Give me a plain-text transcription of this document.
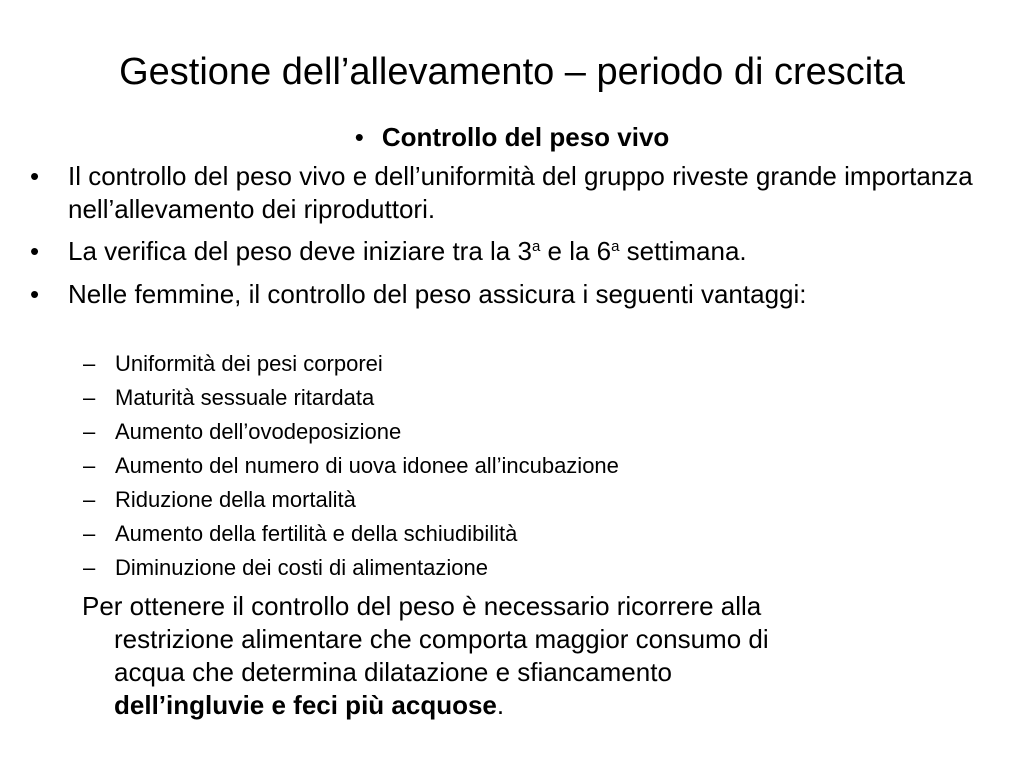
Gestione dell’allevamento – periodo di crescita
• Controllo del peso vivo
• Il controllo del peso vivo e dell’uniformità del gruppo riveste grande importanza nell’allevamento dei riproduttori.
• La verifica del peso deve iniziare tra la 3$^a$ e la 6$^a$ settimana.
• Nelle femmine, il controllo del peso assicura i seguenti vantaggi:
– Uniformità dei pesi corporei
– Maturità sessuale ritardata
– Aumento dell’ovodeposizione
– Aumento del numero di uova idonee all’incubazione
– Riduzione della mortalità
– Aumento della fertilità e della schiudibilità
– Diminuzione dei costi di alimentazione
Per ottenere il controllo del peso è necessario ricorrere alla
restrizione alimentare che comporta maggior consumo di
acqua che determina dilatazione e sfiancamento
dell’ingluvie e feci più acquose.
